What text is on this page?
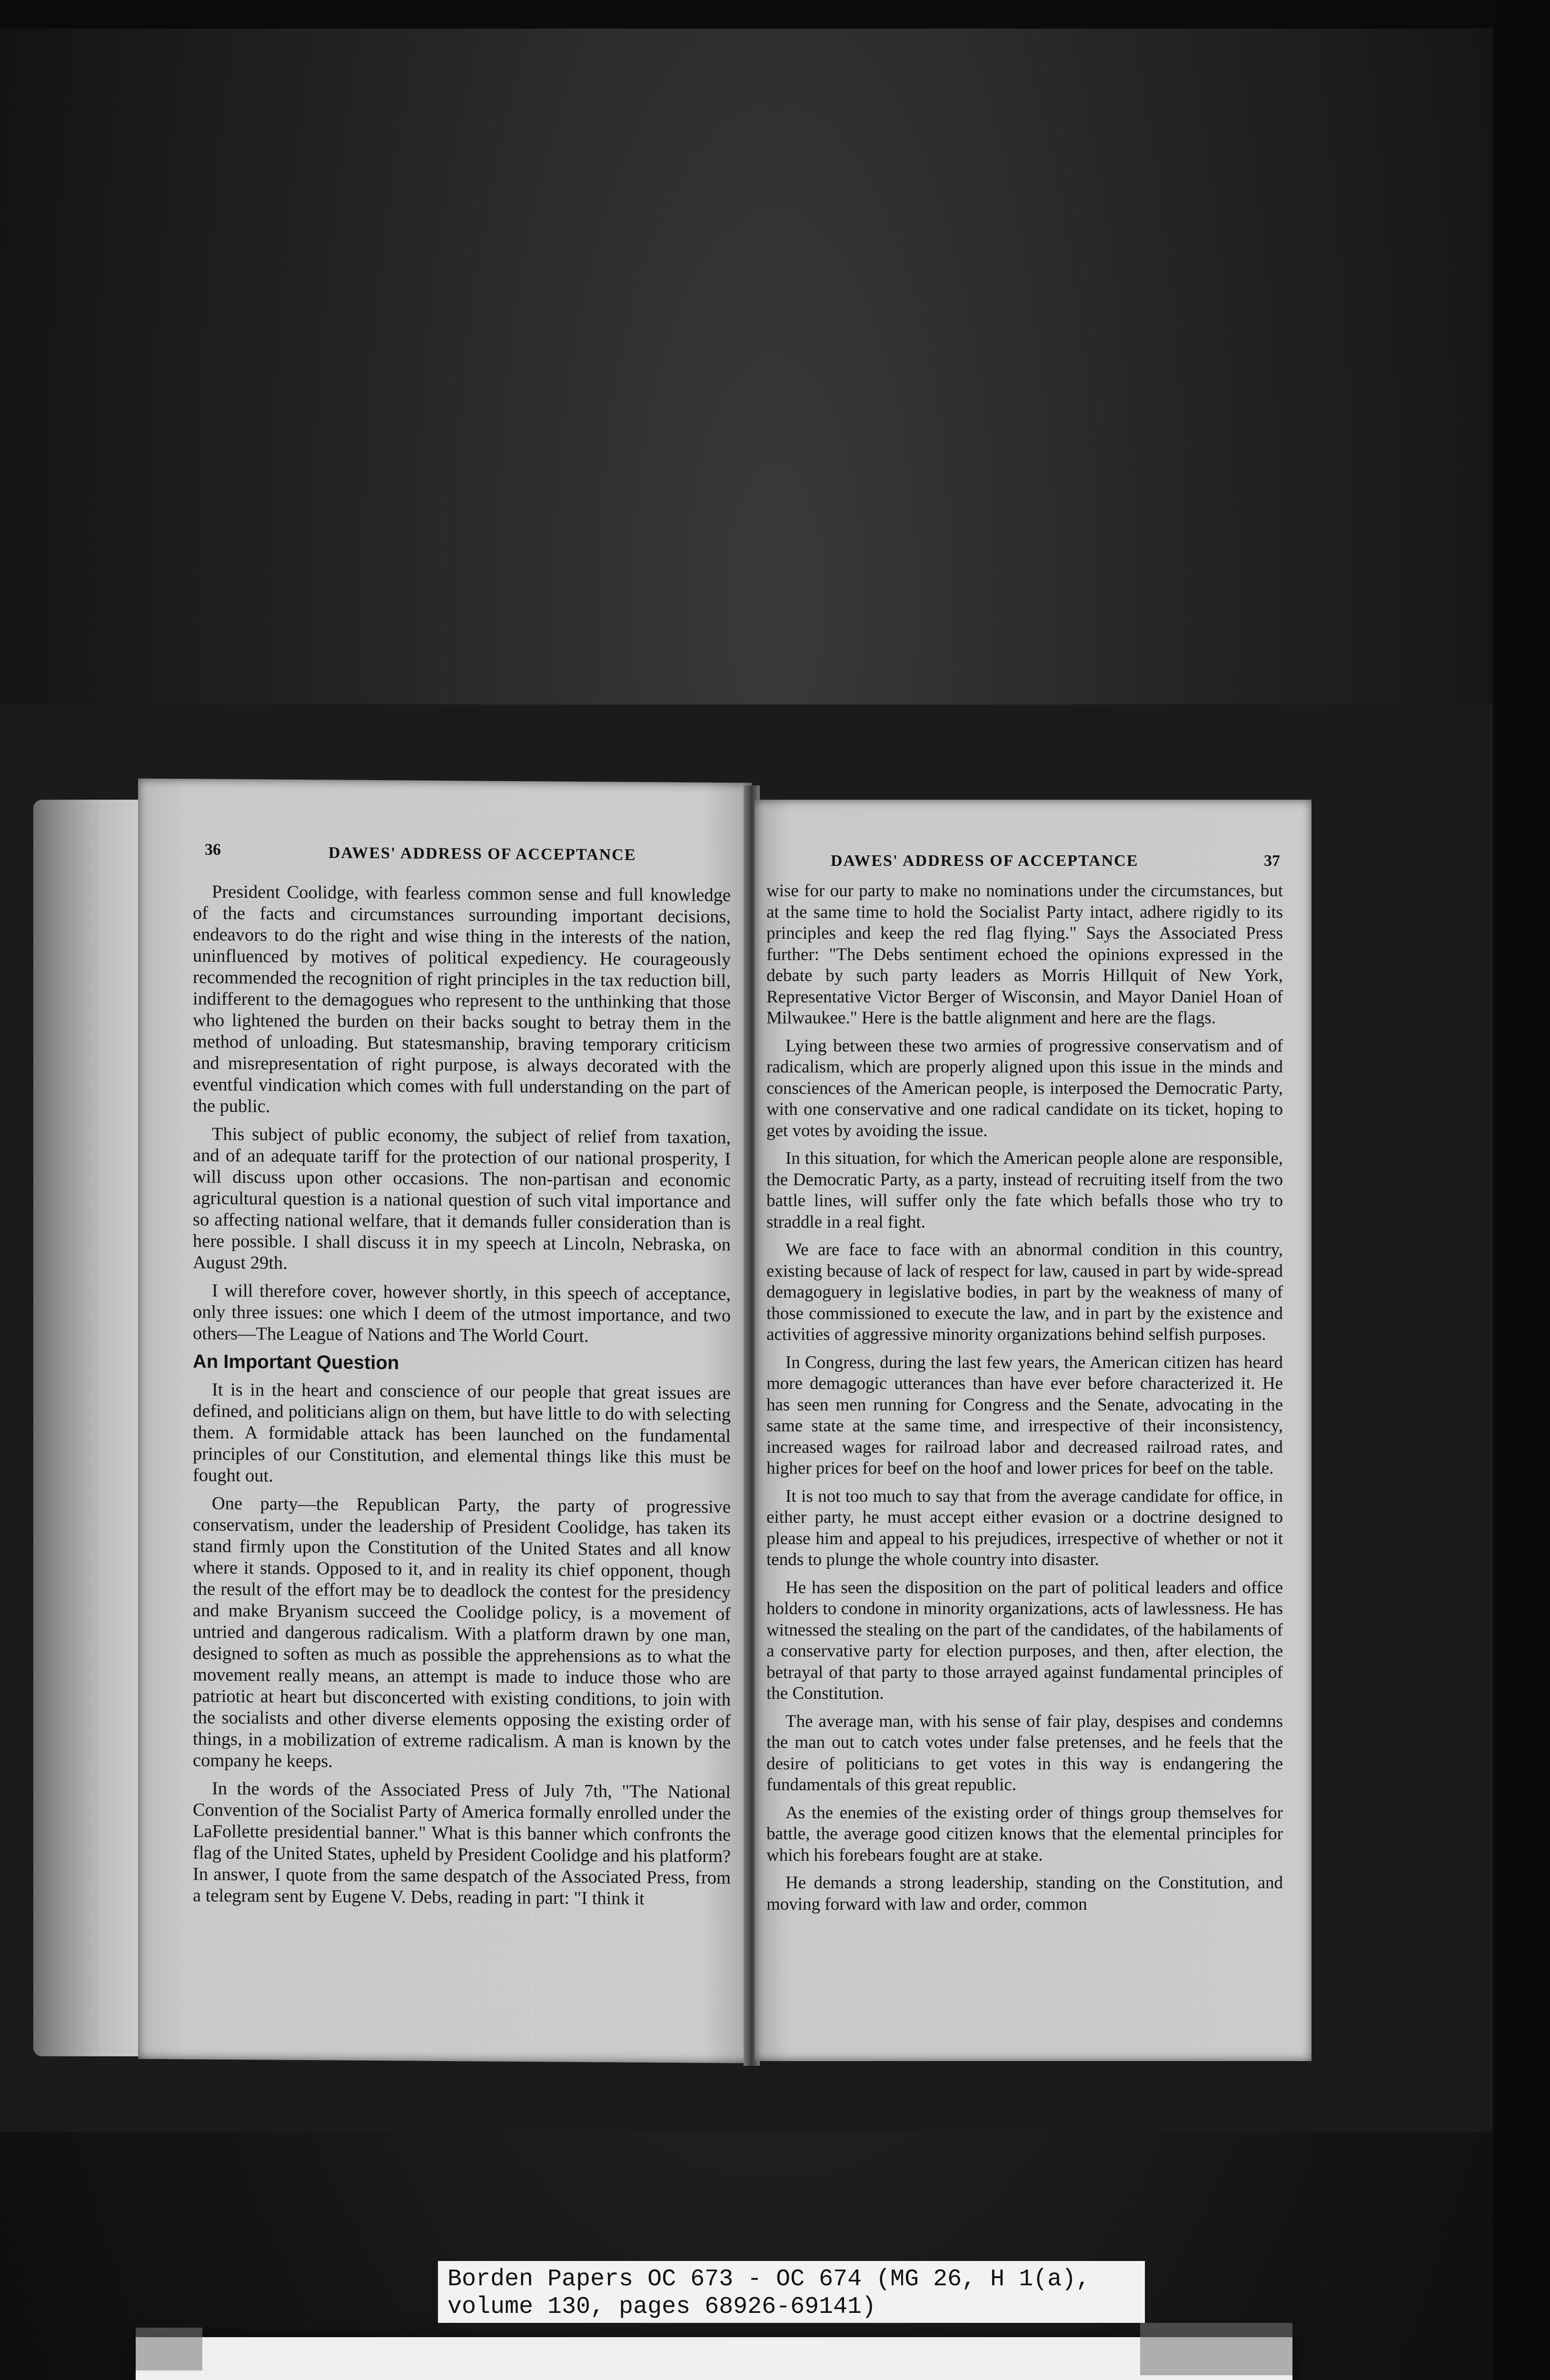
36	DAWES' ADDRESS OF ACCEPTANCE

President Coolidge, with fearless common sense and full knowledge of the facts and circumstances surrounding important decisions, endeavors to do the right and wise thing in the interests of the nation, uninfluenced by motives of political expediency. He courageously recommended the recognition of right principles in the tax reduction bill, indifferent to the demagogues who represent to the unthinking that those who lightened the burden on their backs sought to betray them in the method of unloading. But statesmanship, braving temporary criticism and misrepresentation of right purpose, is always decorated with the eventful vindication which comes with full understanding on the part of the public.

This subject of public economy, the subject of relief from taxation, and of an adequate tariff for the protection of our national prosperity, I will discuss upon other occasions. The non-partisan and economic agricultural question is a national question of such vital importance and so affecting national welfare, that it demands fuller consideration than is here possible. I shall discuss it in my speech at Lincoln, Nebraska, on August 29th.

I will therefore cover, however shortly, in this speech of acceptance, only three issues: one which I deem of the utmost importance, and two others—The League of Nations and The World Court.

An Important Question

It is in the heart and conscience of our people that great issues are defined, and politicians align on them, but have little to do with selecting them. A formidable attack has been launched on the fundamental principles of our Constitution, and elemental things like this must be fought out.

One party—the Republican Party, the party of progressive conservatism, under the leadership of President Coolidge, has taken its stand firmly upon the Constitution of the United States and all know where it stands. Opposed to it, and in reality its chief opponent, though the result of the effort may be to deadlock the contest for the presidency and make Bryanism succeed the Coolidge policy, is a movement of untried and dangerous radicalism. With a platform drawn by one man, designed to soften as much as possible the apprehensions as to what the movement really means, an attempt is made to induce those who are patriotic at heart but disconcerted with existing conditions, to join with the socialists and other diverse elements opposing the existing order of things, in a mobilization of extreme radicalism. A man is known by the company he keeps.

In the words of the Associated Press of July 7th, "The National Convention of the Socialist Party of America formally enrolled under the LaFollette presidential banner." What is this banner which confronts the flag of the United States, upheld by President Coolidge and his platform? In answer, I quote from the same despatch of the Associated Press, from a telegram sent by Eugene V. Debs, reading in part: "I think it

DAWES' ADDRESS OF ACCEPTANCE	37

wise for our party to make no nominations under the circumstances, but at the same time to hold the Socialist Party intact, adhere rigidly to its principles and keep the red flag flying." Says the Associated Press further: "The Debs sentiment echoed the opinions expressed in the debate by such party leaders as Morris Hillquit of New York, Representative Victor Berger of Wisconsin, and Mayor Daniel Hoan of Milwaukee." Here is the battle alignment and here are the flags.

Lying between these two armies of progressive conservatism and of radicalism, which are properly aligned upon this issue in the minds and consciences of the American people, is interposed the Democratic Party, with one conservative and one radical candidate on its ticket, hoping to get votes by avoiding the issue.

In this situation, for which the American people alone are responsible, the Democratic Party, as a party, instead of recruiting itself from the two battle lines, will suffer only the fate which befalls those who try to straddle in a real fight.

We are face to face with an abnormal condition in this country, existing because of lack of respect for law, caused in part by wide-spread demagoguery in legislative bodies, in part by the weakness of many of those commissioned to execute the law, and in part by the existence and activities of aggressive minority organizations behind selfish purposes.

In Congress, during the last few years, the American citizen has heard more demagogic utterances than have ever before characterized it. He has seen men running for Congress and the Senate, advocating in the same state at the same time, and irrespective of their inconsistency, increased wages for railroad labor and decreased railroad rates, and higher prices for beef on the hoof and lower prices for beef on the table.

It is not too much to say that from the average candidate for office, in either party, he must accept either evasion or a doctrine designed to please him and appeal to his prejudices, irrespective of whether or not it tends to plunge the whole country into disaster.

He has seen the disposition on the part of political leaders and office holders to condone in minority organizations, acts of lawlessness. He has witnessed the stealing on the part of the candidates, of the habilaments of a conservative party for election purposes, and then, after election, the betrayal of that party to those arrayed against fundamental principles of the Constitution.

The average man, with his sense of fair play, despises and condemns the man out to catch votes under false pretenses, and he feels that the desire of politicians to get votes in this way is endangering the fundamentals of this great republic.

As the enemies of the existing order of things group themselves for battle, the average good citizen knows that the elemental principles for which his forebears fought are at stake.

He demands a strong leadership, standing on the Constitution, and moving forward with law and order, common

Borden Papers OC 673 - OC 674 (MG 26, H 1(a),
volume 130, pages 68926-69141)
